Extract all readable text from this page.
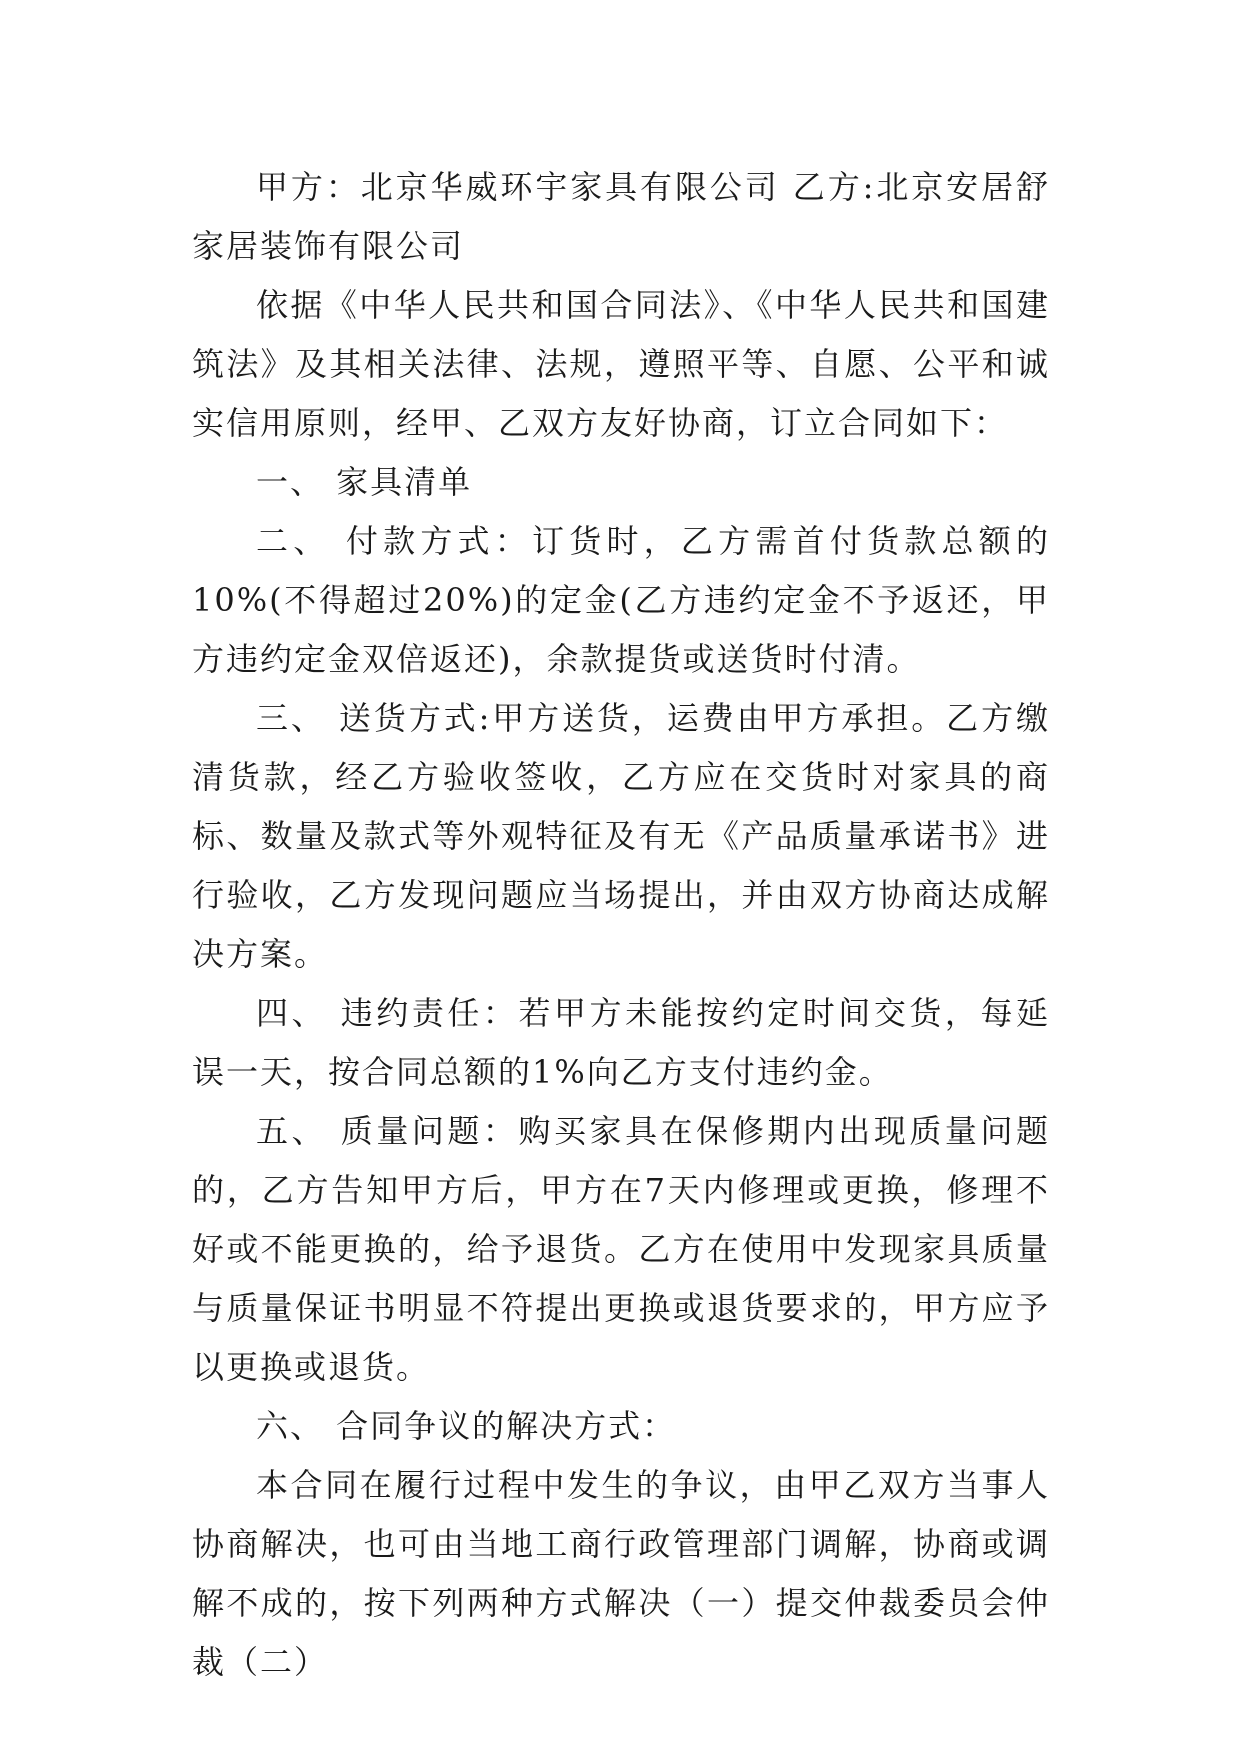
甲方：北京华威环宇家具有限公司 乙方:北京安居舒家居装饰有限公司

依据《中华人民共和国合同法》、《中华人民共和国建筑法》及其相关法律、法规，遵照平等、自愿、公平和诚实信用原则，经甲、乙双方友好协商，订立合同如下：

一、 家具清单

二、 付款方式：订货时，乙方需首付货款总额的10%(不得超过20%)的定金(乙方违约定金不予返还，甲方违约定金双倍返还)，余款提货或送货时付清。

三、 送货方式:甲方送货，运费由甲方承担。乙方缴清货款，经乙方验收签收，乙方应在交货时对家具的商标、数量及款式等外观特征及有无《产品质量承诺书》进行验收，乙方发现问题应当场提出，并由双方协商达成解决方案。

四、 违约责任：若甲方未能按约定时间交货，每延误一天，按合同总额的1%向乙方支付违约金。

五、 质量问题：购买家具在保修期内出现质量问题的，乙方告知甲方后，甲方在7天内修理或更换，修理不好或不能更换的，给予退货。乙方在使用中发现家具质量与质量保证书明显不符提出更换或退货要求的，甲方应予以更换或退货。

六、 合同争议的解决方式：

本合同在履行过程中发生的争议，由甲乙双方当事人协商解决，也可由当地工商行政管理部门调解，协商或调解不成的，按下列两种方式解决（一）提交仲裁委员会仲裁（二）
